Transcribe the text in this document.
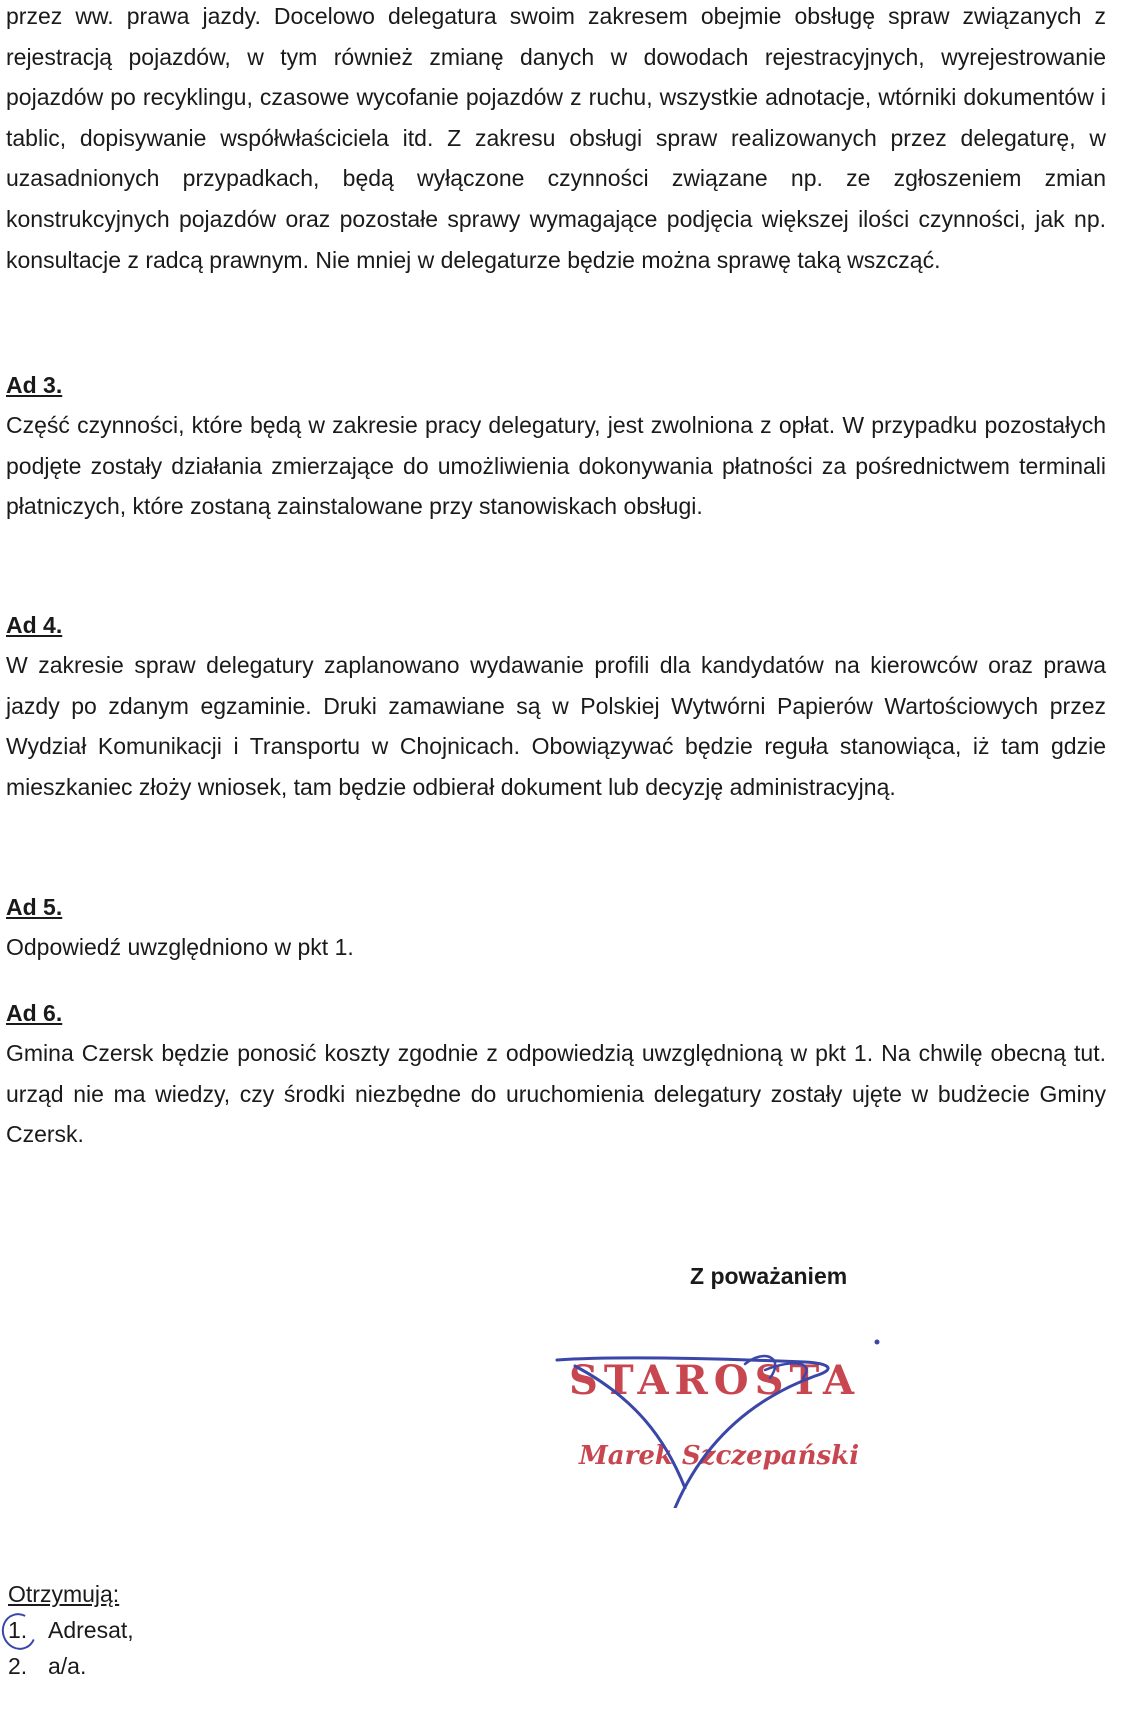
przez ww. prawa jazdy. Docelowo delegatura swoim zakresem obejmie obsługę spraw związanych z rejestracją pojazdów, w tym również zmianę danych w dowodach rejestracyjnych, wyrejestrowanie pojazdów po recyklingu, czasowe wycofanie pojazdów z ruchu, wszystkie adnotacje, wtórniki dokumentów i tablic, dopisywanie współwłaściciela itd. Z zakresu obsługi spraw realizowanych przez delegaturę, w uzasadnionych przypadkach, będą wyłączone czynności związane np. ze zgłoszeniem zmian konstrukcyjnych pojazdów oraz pozostałe sprawy wymagające podjęcia większej ilości czynności, jak np. konsultacje z radcą prawnym. Nie mniej w delegaturze będzie można sprawę taką wszcząć.

Ad 3.

Część czynności, które będą w zakresie pracy delegatury, jest zwolniona z opłat. W przypadku pozostałych podjęte zostały działania zmierzające do umożliwienia dokonywania płatności za pośrednictwem terminali płatniczych, które zostaną zainstalowane przy stanowiskach obsługi.

Ad 4.

W zakresie spraw delegatury zaplanowano wydawanie profili dla kandydatów na kierowców oraz prawa jazdy po zdanym egzaminie. Druki zamawiane są w Polskiej Wytwórni Papierów Wartościowych przez Wydział Komunikacji i Transportu w Chojnicach. Obowiązywać będzie reguła stanowiąca, iż tam gdzie mieszkaniec złoży wniosek, tam będzie odbierał dokument lub decyzję administracyjną.

Ad 5.

Odpowiedź uwzględniono w pkt 1.

Ad 6.

Gmina Czersk będzie ponosić koszty zgodnie z odpowiedzią uwzględnioną w pkt 1. Na chwilę obecną tut. urząd nie ma wiedzy, czy środki niezbędne do uruchomienia delegatury zostały ujęte w budżecie Gminy Czersk.

Z poważaniem
STAROSTA
Marek Szczepański
Otrzymują:
1. Adresat,
2. a/a.
